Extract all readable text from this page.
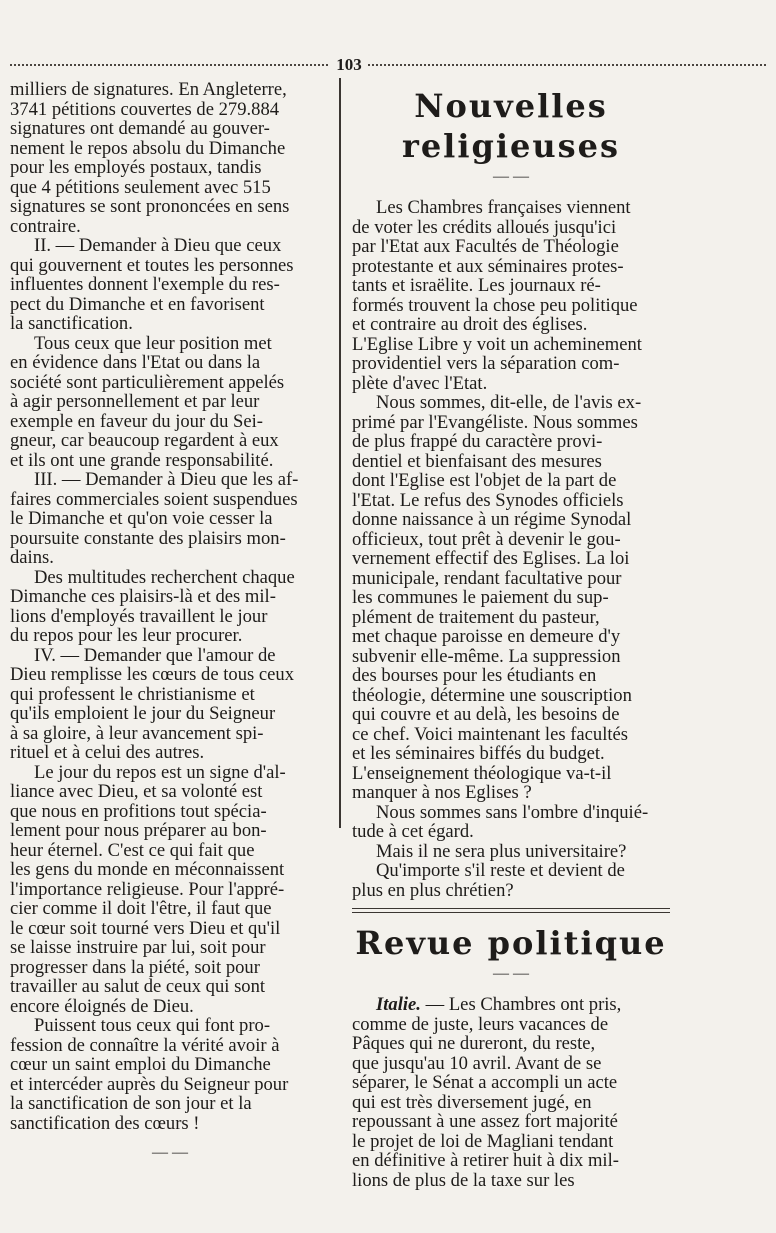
103
milliers de signatures. En Angleterre,
3741 pétitions couvertes de 279.884
signatures ont demandé au gouver-
nement le repos absolu du Dimanche
pour les employés postaux, tandis
que 4 pétitions seulement avec 515
signatures se sont prononcées en sens
contraire.
II. — Demander à Dieu que ceux
qui gouvernent et toutes les personnes
influentes donnent l'exemple du res-
pect du Dimanche et en favorisent
la sanctification.
Tous ceux que leur position met
en évidence dans l'Etat ou dans la
société sont particulièrement appelés
à agir personnellement et par leur
exemple en faveur du jour du Sei-
gneur, car beaucoup regardent à eux
et ils ont une grande responsabilité.
III. — Demander à Dieu que les af-
faires commerciales soient suspendues
le Dimanche et qu'on voie cesser la
poursuite constante des plaisirs mon-
dains.
Des multitudes recherchent chaque
Dimanche ces plaisirs-là et des mil-
lions d'employés travaillent le jour
du repos pour les leur procurer.
IV. — Demander que l'amour de
Dieu remplisse les cœurs de tous ceux
qui professent le christianisme et
qu'ils emploient le jour du Seigneur
à sa gloire, à leur avancement spi-
rituel et à celui des autres.
Le jour du repos est un signe d'al-
liance avec Dieu, et sa volonté est
que nous en profitions tout spécia-
lement pour nous préparer au bon-
heur éternel. C'est ce qui fait que
les gens du monde en méconnaissent
l'importance religieuse. Pour l'appré-
cier comme il doit l'être, il faut que
le cœur soit tourné vers Dieu et qu'il
se laisse instruire par lui, soit pour
progresser dans la piété, soit pour
travailler au salut de ceux qui sont
encore éloignés de Dieu.
Puissent tous ceux qui font pro-
fession de connaître la vérité avoir à
cœur un saint emploi du Dimanche
et intercéder auprès du Seigneur pour
la sanctification de son jour et la
sanctification des cœurs !
— —
Nouvelles religieuses
— —
Les Chambres françaises viennent
de voter les crédits alloués jusqu'ici
par l'Etat aux Facultés de Théologie
protestante et aux séminaires protes-
tants et israëlite. Les journaux ré-
formés trouvent la chose peu politique
et contraire au droit des églises.
L'Eglise Libre y voit un acheminement
providentiel vers la séparation com-
plète d'avec l'Etat.
Nous sommes, dit-elle, de l'avis ex-
primé par l'Evangéliste. Nous sommes
de plus frappé du caractère provi-
dentiel et bienfaisant des mesures
dont l'Eglise est l'objet de la part de
l'Etat. Le refus des Synodes officiels
donne naissance à un régime Synodal
officieux, tout prêt à devenir le gou-
vernement effectif des Eglises. La loi
municipale, rendant facultative pour
les communes le paiement du sup-
plément de traitement du pasteur,
met chaque paroisse en demeure d'y
subvenir elle-même. La suppression
des bourses pour les étudiants en
théologie, détermine une souscription
qui couvre et au delà, les besoins de
ce chef. Voici maintenant les facultés
et les séminaires biffés du budget.
L'enseignement théologique va-t-il
manquer à nos Eglises ?
Nous sommes sans l'ombre d'inquié-
tude à cet égard.
Mais il ne sera plus universitaire?
Qu'importe s'il reste et devient de
plus en plus chrétien?
Revue politique
— —
Italie. — Les Chambres ont pris,
comme de juste, leurs vacances de
Pâques qui ne dureront, du reste,
que jusqu'au 10 avril. Avant de se
séparer, le Sénat a accompli un acte
qui est très diversement jugé, en
repoussant à une assez fort majorité
le projet de loi de Magliani tendant
en définitive à retirer huit à dix mil-
lions de plus de la taxe sur les
